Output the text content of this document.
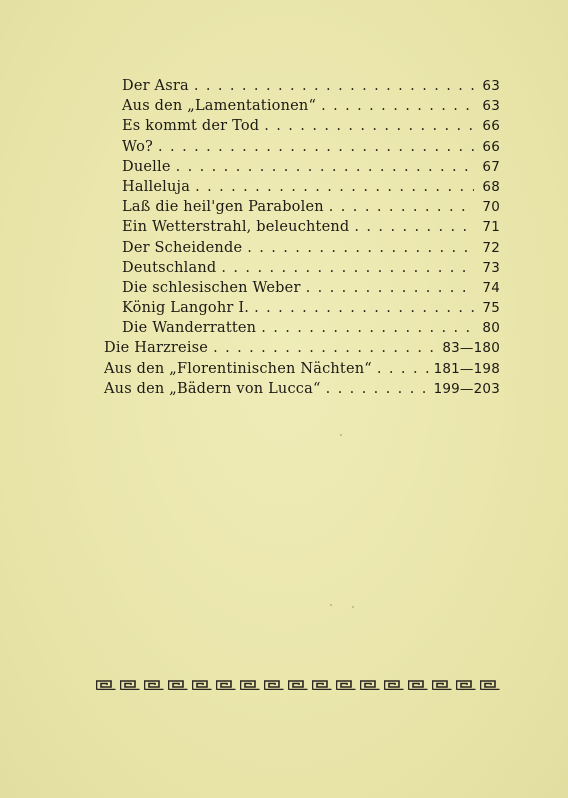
Der Asra . . .	63
Aus den „Lamentationen“ . . .	63
Es kommt der Tod . . .	66
Wo? . . .	66
Duelle . . .	67
Halleluja . . .	68
Laß die heil'gen Parabolen . . .	70
Ein Wetterstrahl, beleuchtend . . .	71
Der Scheidende . . .	72
Deutschland . . .	73
Die schlesischen Weber . . .	74
König Langohr I. . . .	75
Die Wanderratten . . .	80
Die Harzreise . . .	83—180
Aus den „Florentinischen Nächten“ . . .	181—198
Aus den „Bädern von Lucca“ . . .	199—203
